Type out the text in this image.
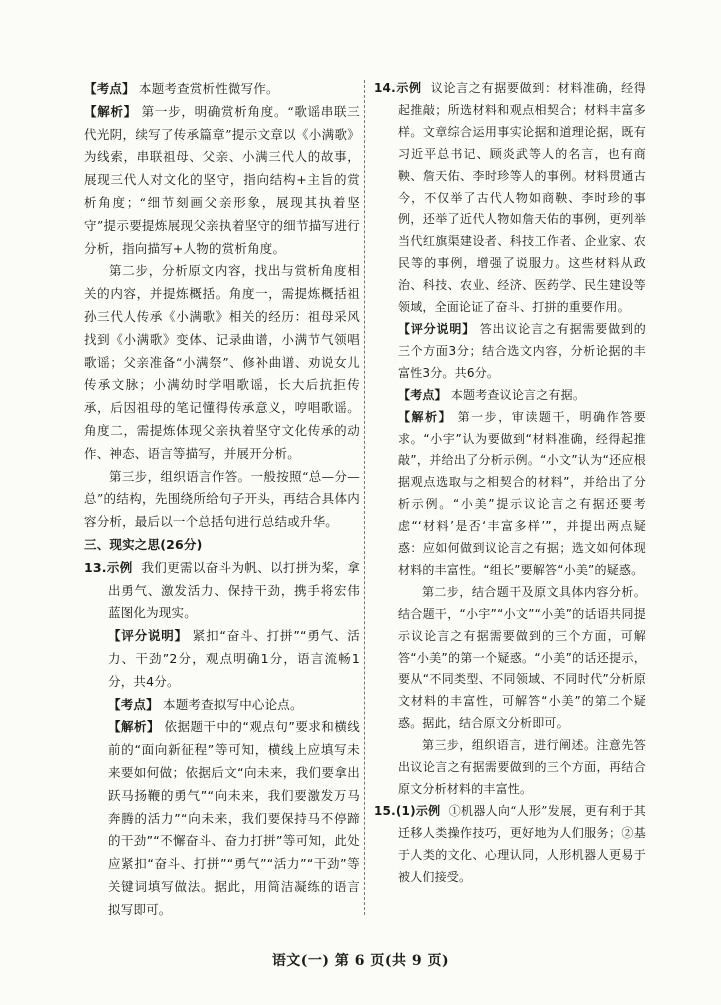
【考点】 本题考查赏析性微写作。

【解析】 第一步，明确赏析角度。“歌谣串联三代光阴，续写了传承篇章”提示文章以《小满歌》为线索，串联祖母、父亲、小满三代人的故事，展现三代人对文化的坚守，指向结构+主旨的赏析角度；“细节刻画父亲形象，展现其执着坚守”提示要提炼展现父亲执着坚守的细节描写进行分析，指向描写+人物的赏析角度。

第二步，分析原文内容，找出与赏析角度相关的内容，并提炼概括。角度一，需提炼概括祖孙三代人传承《小满歌》相关的经历：祖母采风找到《小满歌》变体、记录曲谱，小满节气领唱歌谣；父亲准备“小满祭”、修补曲谱、劝说女儿传承文脉；小满幼时学唱歌谣，长大后抗拒传承，后因祖母的笔记懂得传承意义，哼唱歌谣。角度二，需提炼体现父亲执着坚守文化传承的动作、神态、语言等描写，并展开分析。

第三步，组织语言作答。一般按照“总—分—总”的结构，先围绕所给句子开头，再结合具体内容分析，最后以一个总括句进行总结或升华。

三、现实之思(26分)

13.示例 我们更需以奋斗为帆、以打拼为桨，拿出勇气、激发活力、保持干劲，携手将宏伟蓝图化为现实。

【评分说明】 紧扣“奋斗、打拼”“勇气、活力、干劲”2分，观点明确1分，语言流畅1分，共4分。

【考点】 本题考查拟写中心论点。

【解析】 依据题干中的“观点句”要求和横线前的“面向新征程”等可知，横线上应填写未来要如何做；依据后文“向未来，我们要拿出跃马扬鞭的勇气”“向未来，我们要激发万马奔腾的活力”“向未来，我们要保持马不停蹄的干劲”“不懈奋斗、奋力打拼”等可知，此处应紧扣“奋斗、打拼”“勇气”“活力”“干劲”等关键词填写做法。据此，用简洁凝练的语言拟写即可。

14.示例 议论言之有据要做到：材料准确，经得起推敲；所选材料和观点相契合；材料丰富多样。文章综合运用事实论据和道理论据，既有习近平总书记、顾炎武等人的名言，也有商鞅、詹天佑、李时珍等人的事例。材料贯通古今，不仅举了古代人物如商鞅、李时珍的事例，还举了近代人物如詹天佑的事例，更列举当代红旗渠建设者、科技工作者、企业家、农民等的事例，增强了说服力。这些材料从政治、科技、农业、经济、医药学、民生建设等领域，全面论证了奋斗、打拼的重要作用。

【评分说明】 答出议论言之有据需要做到的三个方面3分；结合选文内容，分析论据的丰富性3分。共6分。

【考点】 本题考查议论言之有据。

【解析】 第一步，审读题干，明确作答要求。“小宇”认为要做到“材料准确，经得起推敲”，并给出了分析示例。“小文”认为“还应根据观点选取与之相契合的材料”，并给出了分析示例。“小美”提示议论言之有据还要考虑“‘材料’是否‘丰富多样’”，并提出两点疑惑：应如何做到议论言之有据；选文如何体现材料的丰富性。“组长”要解答“小美”的疑惑。

第二步，结合题干及原文具体内容分析。结合题干，“小宇”“小文”“小美”的话语共同提示议论言之有据需要做到的三个方面，可解答“小美”的第一个疑惑。“小美”的话还提示，要从“不同类型、不同领域、不同时代”分析原文材料的丰富性，可解答“小美”的第二个疑惑。据此，结合原文分析即可。

第三步，组织语言，进行阐述。注意先答出议论言之有据需要做到的三个方面，再结合原文分析材料的丰富性。

15.(1)示例 ①机器人向“人形”发展，更有利于其迁移人类操作技巧，更好地为人们服务；②基于人类的文化、心理认同，人形机器人更易于被人们接受。

语文(一) 第 6 页(共 9 页)
